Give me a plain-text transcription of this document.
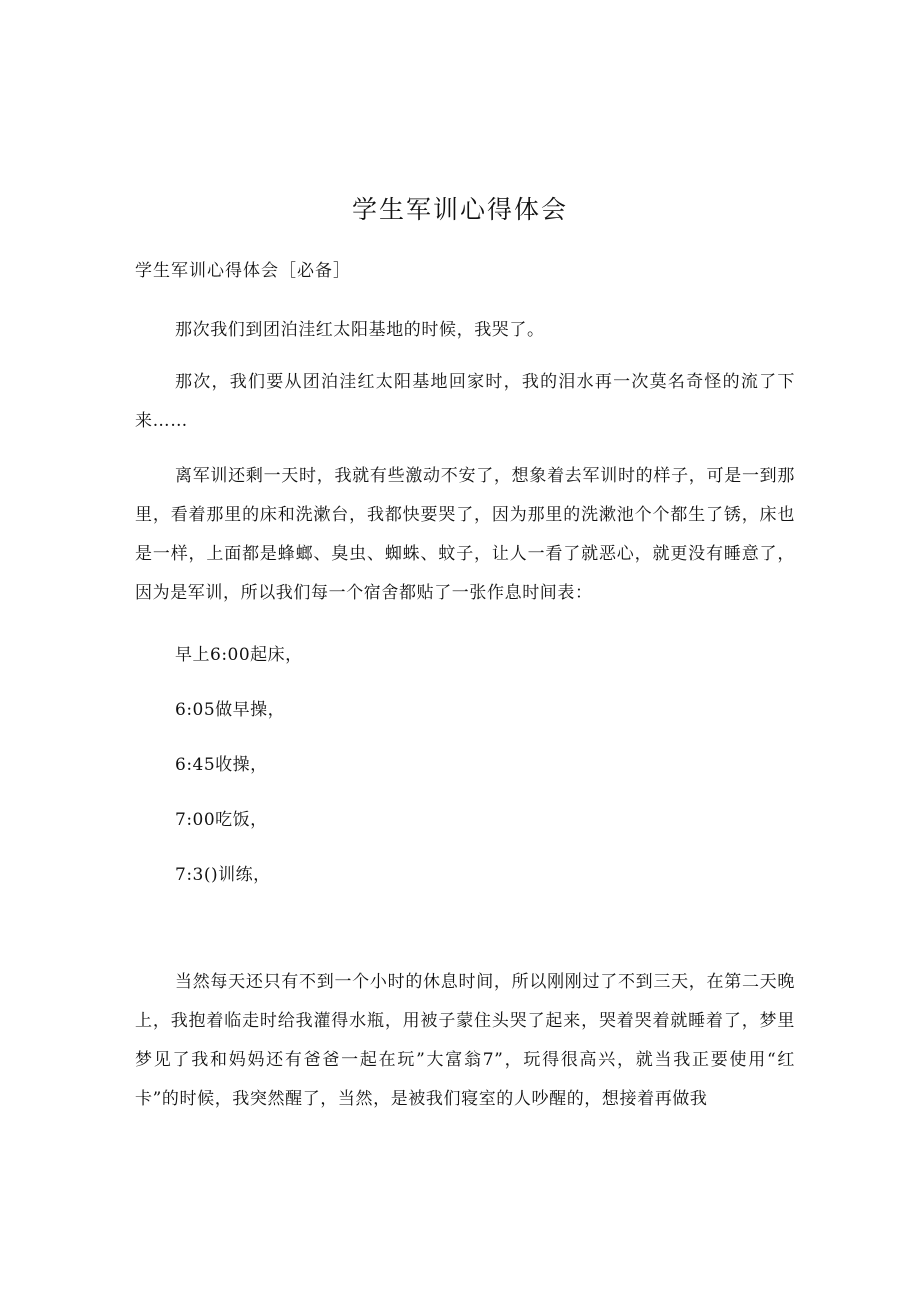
学生军训心得体会
学生军训心得体会［必备］

那次我们到团泊洼红太阳基地的时候，我哭了。

那次，我们要从团泊洼红太阳基地回家时，我的泪水再一次莫名奇怪的流了下来……

离军训还剩一天时，我就有些激动不安了，想象着去军训时的样子，可是一到那里，看着那里的床和洗漱台，我都快要哭了，因为那里的洗漱池个个都生了锈，床也是一样，上面都是蜂螂、臭虫、蜘蛛、蚊子，让人一看了就恶心，就更没有睡意了，因为是军训，所以我们每一个宿舍都贴了一张作息时间表：

早上6:00起床，
6:05做早操，
6:45收操，
7:00吃饭，
7:3()训练，

当然每天还只有不到一个小时的休息时间，所以刚刚过了不到三天，在第二天晚上，我抱着临走时给我灌得水瓶，用被子蒙住头哭了起来，哭着哭着就睡着了，梦里梦见了我和妈妈还有爸爸一起在玩”大富翁7”，玩得很高兴，就当我正要使用“红卡”的时候，我突然醒了，当然，是被我们寝室的人吵醒的，想接着再做我
